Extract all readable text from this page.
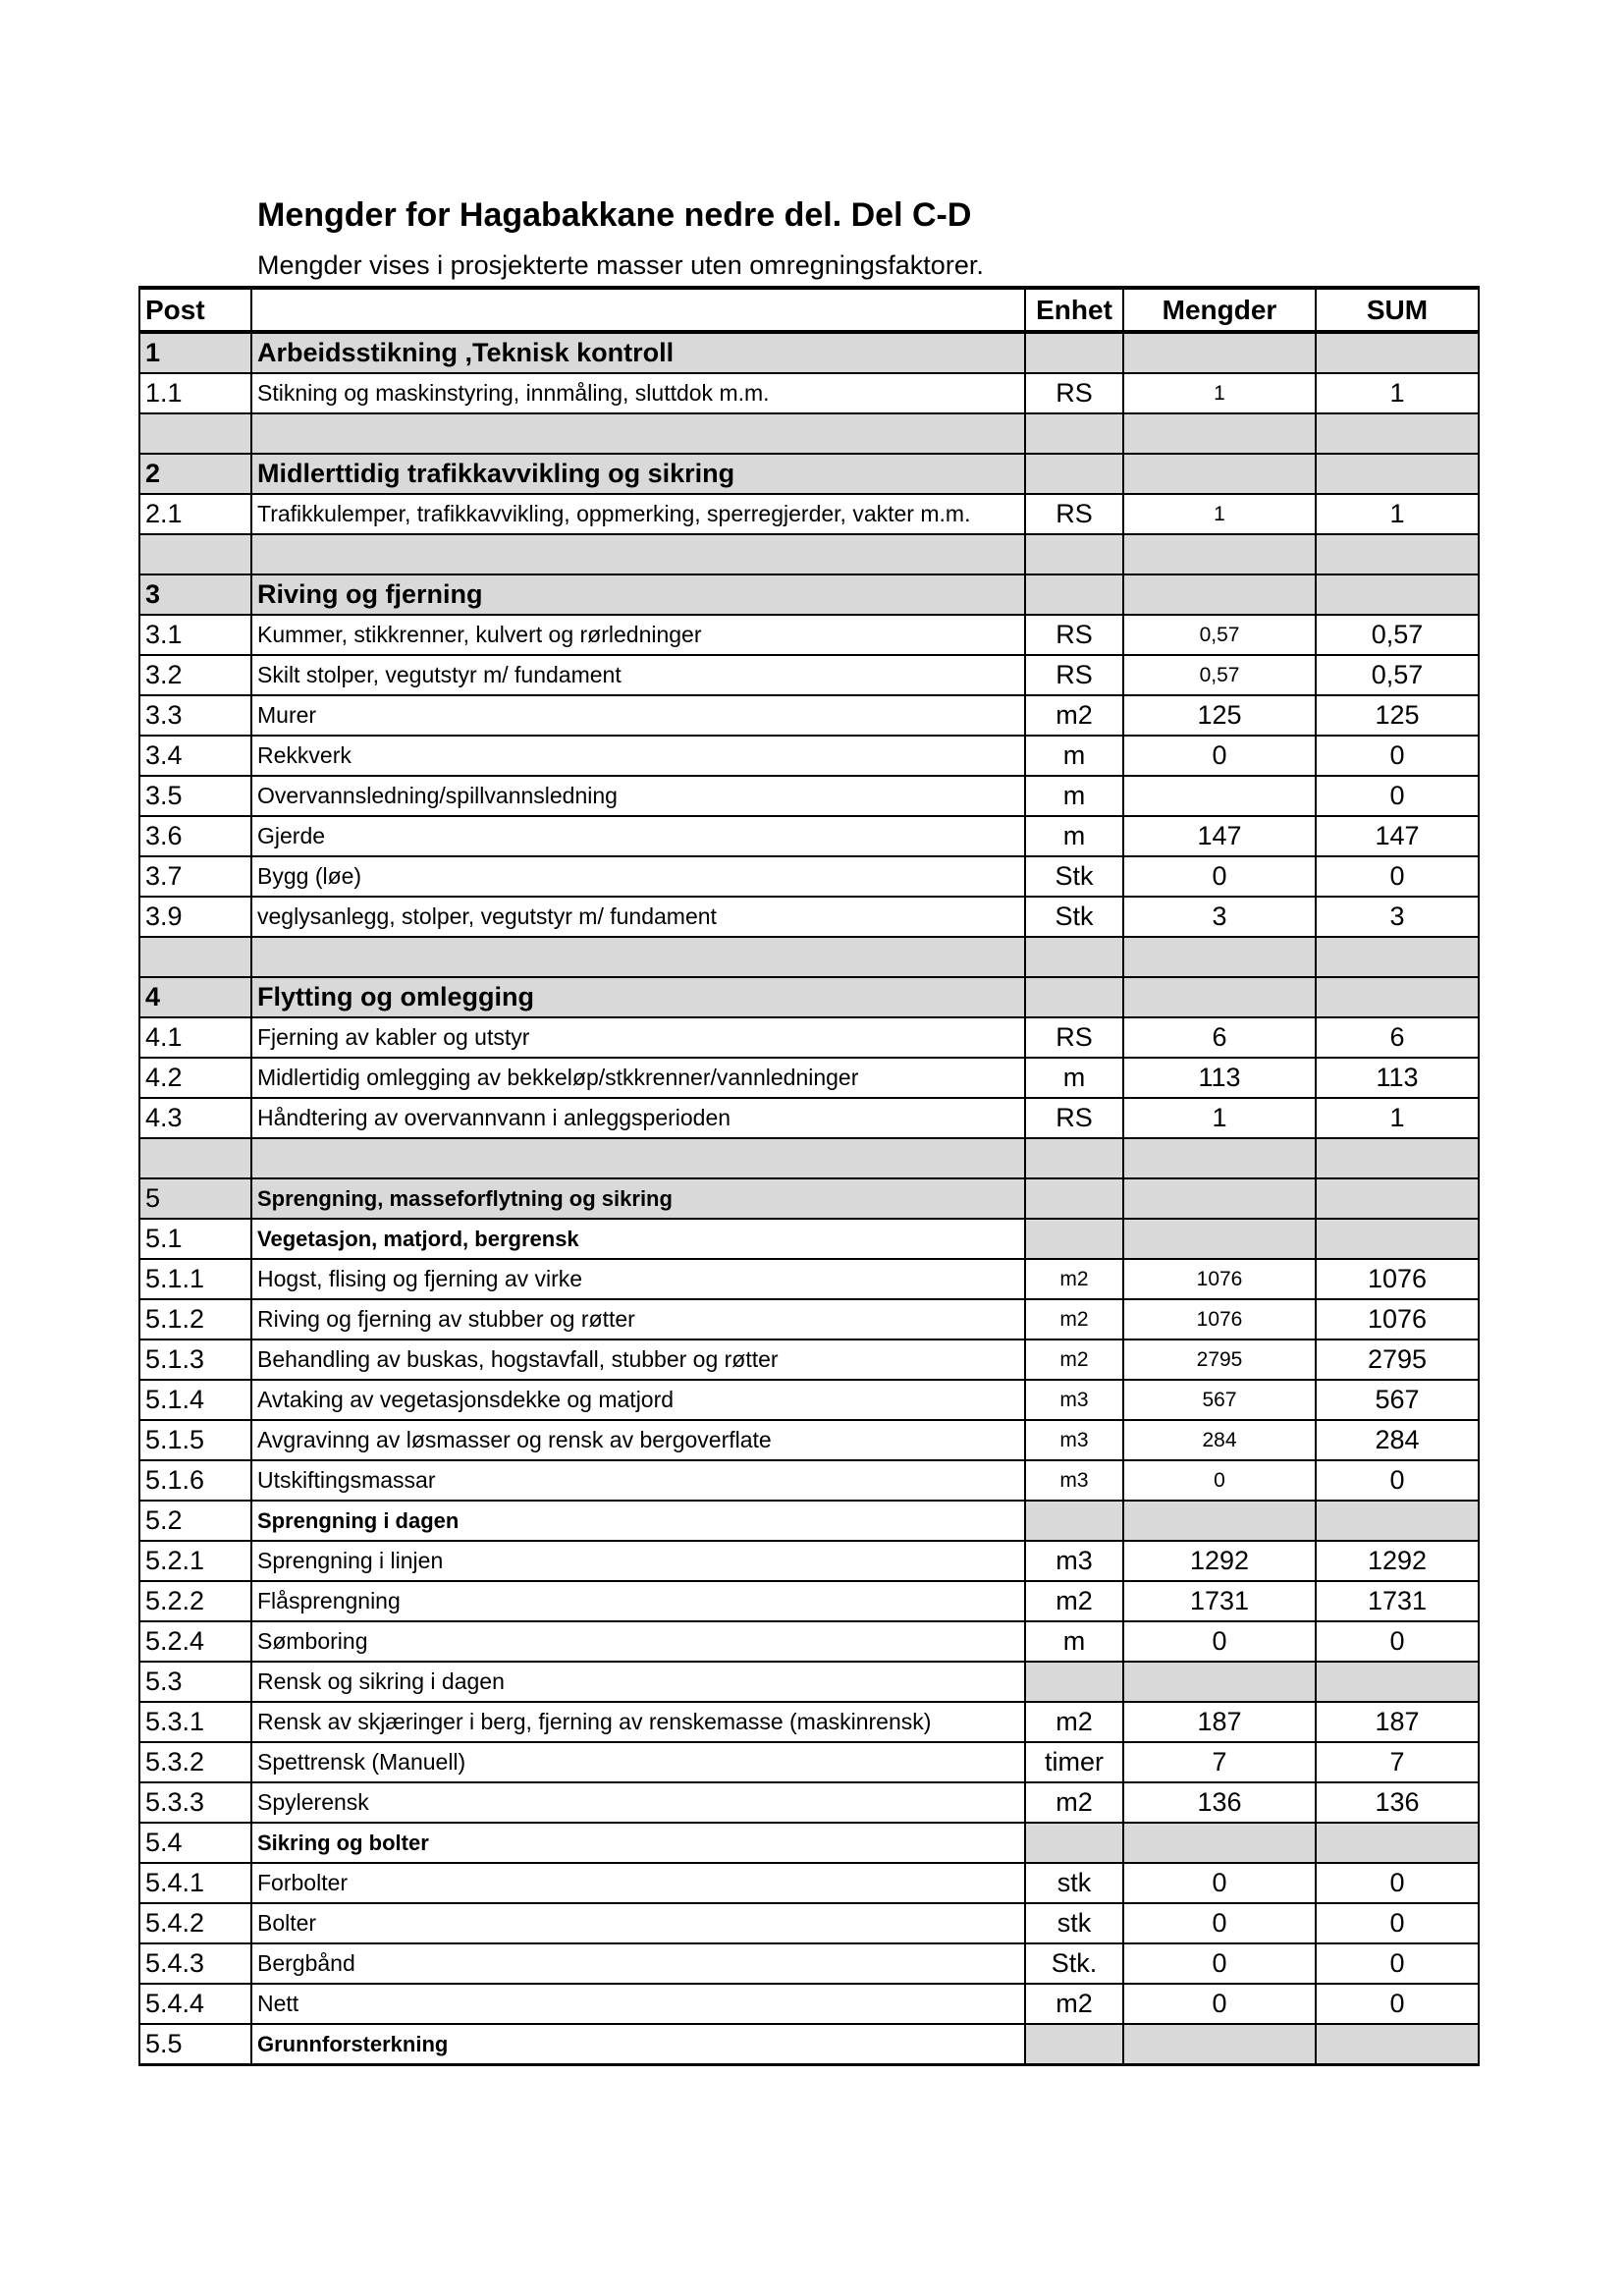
Mengder for Hagabakkane nedre del. Del C-D
Mengder vises i prosjekterte masser uten omregningsfaktorer.
Post		Enhet	Mengder	SUM
1	Arbeidsstikning ,Teknisk kontroll			
1.1	Stikning og maskinstyring, innmåling, sluttdok m.m.	RS	1	1

2	Midlerttidig trafikkavvikling og sikring			
2.1	Trafikkulemper, trafikkavvikling, oppmerking, sperregjerder, vakter m.m.	RS	1	1

3	Riving og fjerning			
3.1	Kummer, stikkrenner, kulvert og rørledninger	RS	0,57	0,57
3.2	Skilt stolper, vegutstyr m/ fundament	RS	0,57	0,57
3.3	Murer	m2	125	125
3.4	Rekkverk	m	0	0
3.5	Overvannsledning/spillvannsledning	m		0
3.6	Gjerde	m	147	147
3.7	Bygg (løe)	Stk	0	0
3.9	veglysanlegg, stolper, vegutstyr m/ fundament	Stk	3	3

4	Flytting og omlegging			
4.1	Fjerning av kabler og utstyr	RS	6	6
4.2	Midlertidig omlegging av bekkeløp/stkkrenner/vannledninger	m	113	113
4.3	Håndtering av overvannvann i anleggsperioden	RS	1	1

5	Sprengning, masseforflytning og sikring			
5.1	Vegetasjon, matjord, bergrensk			
5.1.1	Hogst, flising og fjerning av virke	m2	1076	1076
5.1.2	Riving og fjerning av stubber og røtter	m2	1076	1076
5.1.3	Behandling av buskas, hogstavfall, stubber og røtter	m2	2795	2795
5.1.4	Avtaking av vegetasjonsdekke og matjord	m3	567	567
5.1.5	Avgravinng av løsmasser og rensk av bergoverflate	m3	284	284
5.1.6	Utskiftingsmassar	m3	0	0
5.2	Sprengning i dagen			
5.2.1	Sprengning i linjen	m3	1292	1292
5.2.2	Flåsprengning	m2	1731	1731
5.2.4	Sømboring	m	0	0
5.3	Rensk og sikring i dagen			
5.3.1	Rensk av skjæringer i berg, fjerning av renskemasse (maskinrensk)	m2	187	187
5.3.2	Spettrensk (Manuell)	timer	7	7
5.3.3	Spylerensk	m2	136	136
5.4	Sikring og bolter			
5.4.1	Forbolter	stk	0	0
5.4.2	Bolter	stk	0	0
5.4.3	Bergbånd	Stk.	0	0
5.4.4	Nett	m2	0	0
5.5	Grunnforsterkning			
